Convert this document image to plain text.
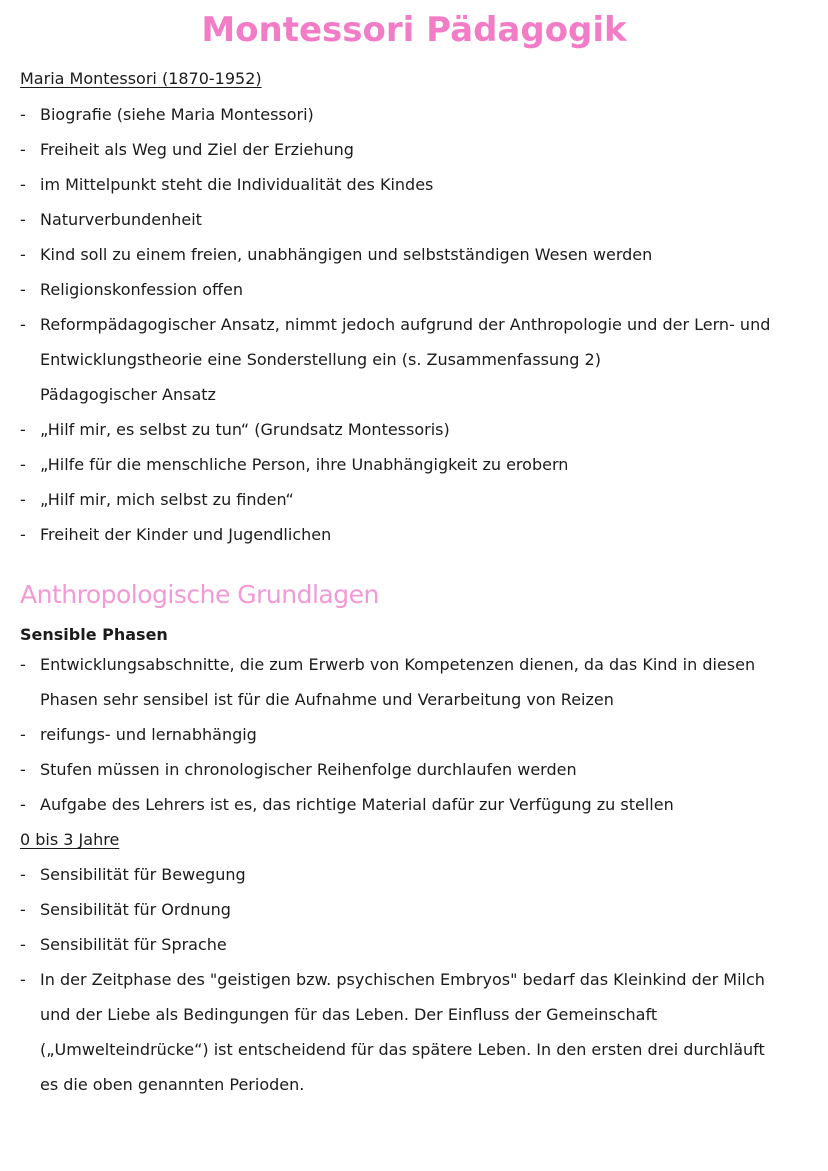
Montessori Pädagogik
Maria Montessori (1870-1952)
- Biografie (siehe Maria Montessori)
- Freiheit als Weg und Ziel der Erziehung
- im Mittelpunkt steht die Individualität des Kindes
- Naturverbundenheit
- Kind soll zu einem freien, unabhängigen und selbstständigen Wesen werden
- Religionskonfession offen
- Reformpädagogischer Ansatz, nimmt jedoch aufgrund der Anthropologie und der Lern- und
Entwicklungstheorie eine Sonderstellung ein (s. Zusammenfassung 2)
Pädagogischer Ansatz
- „Hilf mir, es selbst zu tun“ (Grundsatz Montessoris)
- „Hilfe für die menschliche Person, ihre Unabhängigkeit zu erobern
- „Hilf mir, mich selbst zu finden“
- Freiheit der Kinder und Jugendlichen
Anthropologische Grundlagen
Sensible Phasen
- Entwicklungsabschnitte, die zum Erwerb von Kompetenzen dienen, da das Kind in diesen
Phasen sehr sensibel ist für die Aufnahme und Verarbeitung von Reizen
- reifungs- und lernabhängig
- Stufen müssen in chronologischer Reihenfolge durchlaufen werden
- Aufgabe des Lehrers ist es, das richtige Material dafür zur Verfügung zu stellen
0 bis 3 Jahre
- Sensibilität für Bewegung
- Sensibilität für Ordnung
- Sensibilität für Sprache
- In der Zeitphase des "geistigen bzw. psychischen Embryos" bedarf das Kleinkind der Milch
und der Liebe als Bedingungen für das Leben. Der Einfluss der Gemeinschaft
(„Umwelteindrücke“) ist entscheidend für das spätere Leben. In den ersten drei durchläuft
es die oben genannten Perioden.
